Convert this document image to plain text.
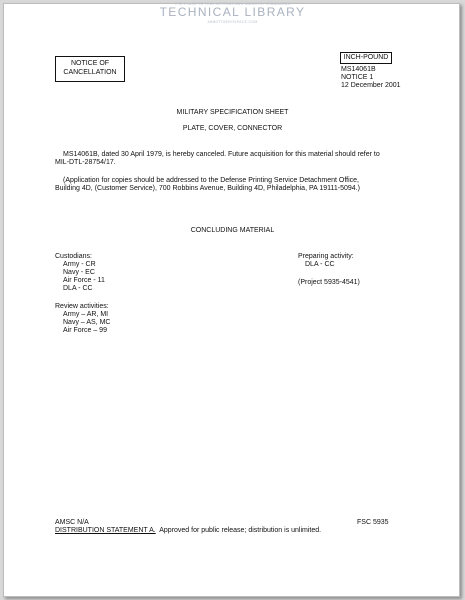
THE PLACE TO FIND DEFENSE AND INDUSTRY STANDARDS
TECHNICAL LIBRARY
ABBOTTAEROSPACE.COM
NOTICE OF
CANCELLATION
INCH-POUND
MS14061B
NOTICE 1
12 December 2001
MILITARY SPECIFICATION SHEET
PLATE, COVER, CONNECTOR
MS14061B, dated 30 April 1979, is hereby canceled. Future acquisition for this material should refer to
MIL-DTL-28754/17.
(Application for copies should be addressed to the Defense Printing Service Detachment Office,
Building 4D, (Customer Service), 700 Robbins Avenue, Building 4D, Philadelphia, PA 19111-5094.)
CONCLUDING MATERIAL
Custodians:
Army - CR
Navy - EC
Air Force - 11
DLA - CC
Review activities:
Army – AR, MI
Navy – AS, MC
Air Force – 99
Preparing activity:
DLA - CC
(Project 5935-4541)
AMSC N/A	FSC 5935
DISTRIBUTION STATEMENT A.  Approved for public release; distribution is unlimited.
